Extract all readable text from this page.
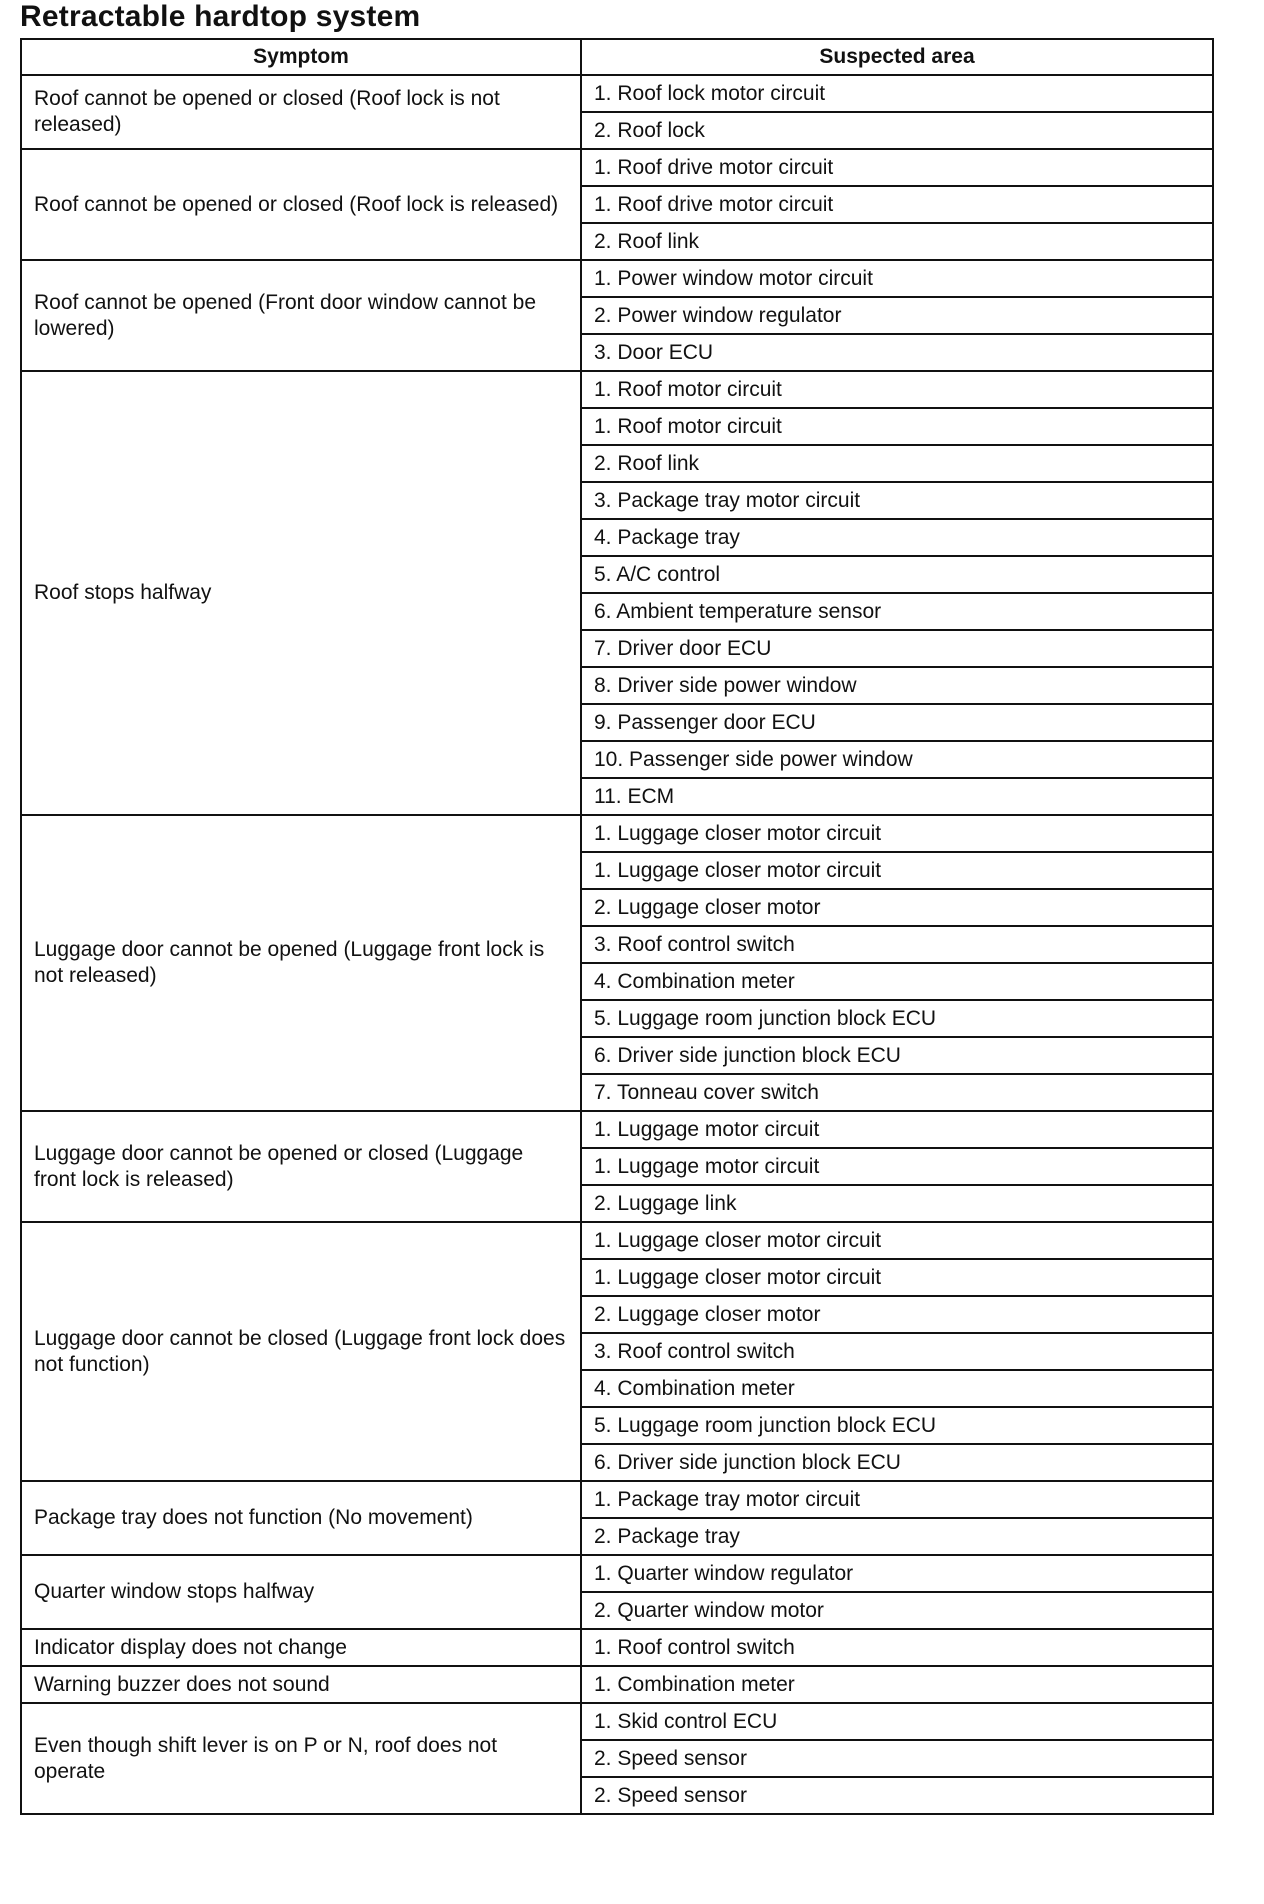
Retractable hardtop system
Symptom	Suspected area
Roof cannot be opened or closed (Roof lock is not released)	1. Roof lock motor circuit
	2. Roof lock
Roof cannot be opened or closed (Roof lock is released)	1. Roof drive motor circuit
	1. Roof drive motor circuit
	2. Roof link
Roof cannot be opened (Front door window cannot be lowered)	1. Power window motor circuit
	2. Power window regulator
	3. Door ECU
Roof stops halfway	1. Roof motor circuit
	1. Roof motor circuit
	2. Roof link
	3. Package tray motor circuit
	4. Package tray
	5. A/C control
	6. Ambient temperature sensor
	7. Driver door ECU
	8. Driver side power window
	9. Passenger door ECU
	10. Passenger side power window
	11. ECM
Luggage door cannot be opened (Luggage front lock is not released)	1. Luggage closer motor circuit
	1. Luggage closer motor circuit
	2. Luggage closer motor
	3. Roof control switch
	4. Combination meter
	5. Luggage room junction block ECU
	6. Driver side junction block ECU
	7. Tonneau cover switch
Luggage door cannot be opened or closed (Luggage front lock is released)	1. Luggage motor circuit
	1. Luggage motor circuit
	2. Luggage link
Luggage door cannot be closed (Luggage front lock does not function)	1. Luggage closer motor circuit
	1. Luggage closer motor circuit
	2. Luggage closer motor
	3. Roof control switch
	4. Combination meter
	5. Luggage room junction block ECU
	6. Driver side junction block ECU
Package tray does not function (No movement)	1. Package tray motor circuit
	2. Package tray
Quarter window stops halfway	1. Quarter window regulator
	2. Quarter window motor
Indicator display does not change	1. Roof control switch
Warning buzzer does not sound	1. Combination meter
Even though shift lever is on P or N, roof does not operate	1. Skid control ECU
	2. Speed sensor
	2. Speed sensor
